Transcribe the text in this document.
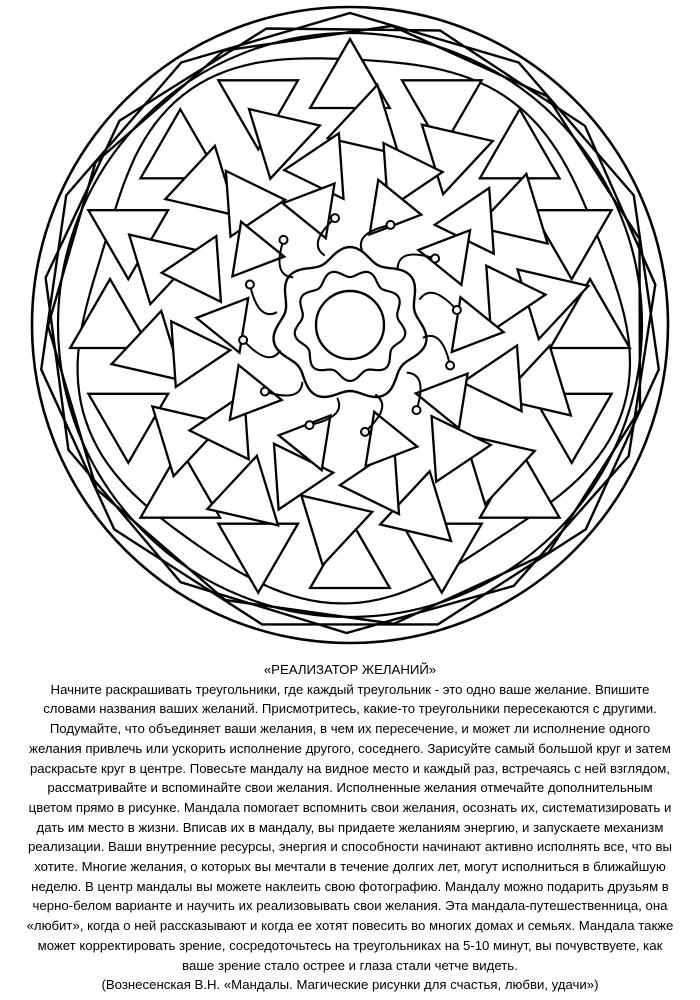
«РЕАЛИЗАТОР ЖЕЛАНИЙ»
Начните раскрашивать треугольники, где каждый треугольник - это одно ваше желание. Впишите
словами названия ваших желаний. Присмотритесь, какие-то треугольники пересекаются с другими.
Подумайте, что объединяет ваши желания, в чем их пересечение, и может ли исполнение одного
желания привлечь или ускорить исполнение другого, соседнего. Зарисуйте самый большой круг и затем
раскрасьте круг в центре. Повесьте мандалу на видное место и каждый раз, встречаясь с ней взглядом,
рассматривайте и вспоминайте свои желания. Исполненные желания отмечайте дополнительным
цветом прямо в рисунке. Мандала помогает вспомнить свои желания, осознать их, систематизировать и
дать им место в жизни. Вписав их в мандалу, вы придаете желаниям энергию, и запускаете механизм
реализации. Ваши внутренние ресурсы, энергия и способности начинают активно исполнять все, что вы
хотите. Многие желания, о которых вы мечтали в течение долгих лет, могут исполниться в ближайшую
неделю. В центр мандалы вы можете наклеить свою фотографию. Мандалу можно подарить друзьям в
черно-белом варианте и научить их реализовывать свои желания. Эта мандала-путешественница, она
«любит», когда о ней рассказывают и когда ее хотят повесить во многих домах и семьях. Мандала также
может корректировать зрение, сосредоточьтесь на треугольниках на 5-10 минут, вы почувствуете, как
ваше зрение стало острее и глаза стали четче видеть.
(Вознесенская В.Н. «Мандалы. Магические рисунки для счастья, любви, удачи»)
